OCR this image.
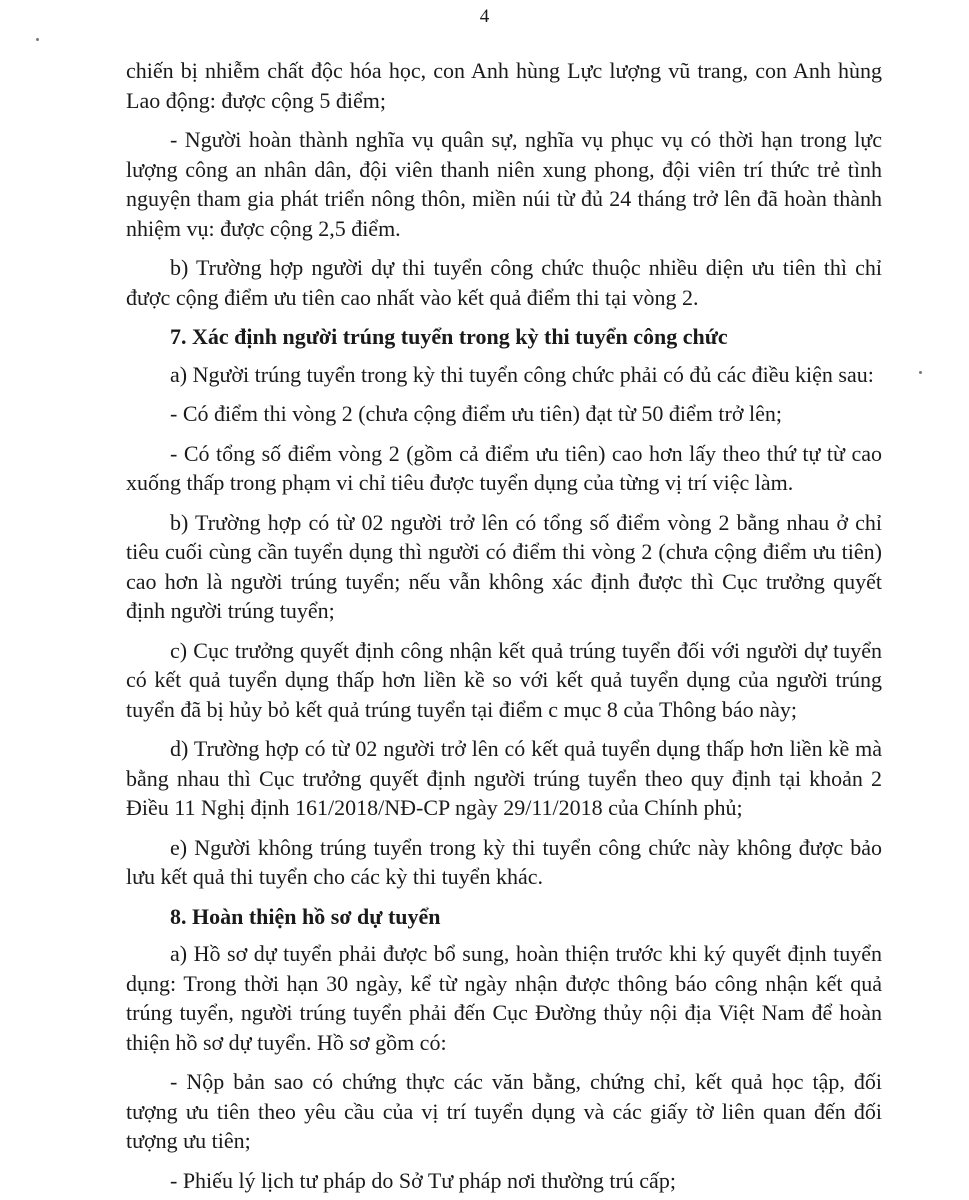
4

chiến bị nhiễm chất độc hóa học, con Anh hùng Lực lượng vũ trang, con Anh hùng Lao động: được cộng 5 điểm;

- Người hoàn thành nghĩa vụ quân sự, nghĩa vụ phục vụ có thời hạn trong lực lượng công an nhân dân, đội viên thanh niên xung phong, đội viên trí thức trẻ tình nguyện tham gia phát triển nông thôn, miền núi từ đủ 24 tháng trở lên đã hoàn thành nhiệm vụ: được cộng 2,5 điểm.

b) Trường hợp người dự thi tuyển công chức thuộc nhiều diện ưu tiên thì chỉ được cộng điểm ưu tiên cao nhất vào kết quả điểm thi tại vòng 2.

7. Xác định người trúng tuyển trong kỳ thi tuyển công chức

a) Người trúng tuyển trong kỳ thi tuyển công chức phải có đủ các điều kiện sau:

- Có điểm thi vòng 2 (chưa cộng điểm ưu tiên) đạt từ 50 điểm trở lên;

- Có tổng số điểm vòng 2 (gồm cả điểm ưu tiên) cao hơn lấy theo thứ tự từ cao xuống thấp trong phạm vi chỉ tiêu được tuyển dụng của từng vị trí việc làm.

b) Trường hợp có từ 02 người trở lên có tổng số điểm vòng 2 bằng nhau ở chỉ tiêu cuối cùng cần tuyển dụng thì người có điểm thi vòng 2 (chưa cộng điểm ưu tiên) cao hơn là người trúng tuyển; nếu vẫn không xác định được thì Cục trưởng quyết định người trúng tuyển;

c) Cục trưởng quyết định công nhận kết quả trúng tuyển đối với người dự tuyển có kết quả tuyển dụng thấp hơn liền kề so với kết quả tuyển dụng của người trúng tuyển đã bị hủy bỏ kết quả trúng tuyển tại điểm c mục 8 của Thông báo này;

d) Trường hợp có từ 02 người trở lên có kết quả tuyển dụng thấp hơn liền kề mà bằng nhau thì Cục trưởng quyết định người trúng tuyển theo quy định tại khoản 2 Điều 11 Nghị định 161/2018/NĐ-CP ngày 29/11/2018 của Chính phủ;

e) Người không trúng tuyển trong kỳ thi tuyển công chức này không được bảo lưu kết quả thi tuyển cho các kỳ thi tuyển khác.

8. Hoàn thiện hồ sơ dự tuyển

a) Hồ sơ dự tuyển phải được bổ sung, hoàn thiện trước khi ký quyết định tuyển dụng: Trong thời hạn 30 ngày, kể từ ngày nhận được thông báo công nhận kết quả trúng tuyển, người trúng tuyển phải đến Cục Đường thủy nội địa Việt Nam để hoàn thiện hồ sơ dự tuyển. Hồ sơ gồm có:

- Nộp bản sao có chứng thực các văn bằng, chứng chỉ, kết quả học tập, đối tượng ưu tiên theo yêu cầu của vị trí tuyển dụng và các giấy tờ liên quan đến đối tượng ưu tiên;

- Phiếu lý lịch tư pháp do Sở Tư pháp nơi thường trú cấp;
